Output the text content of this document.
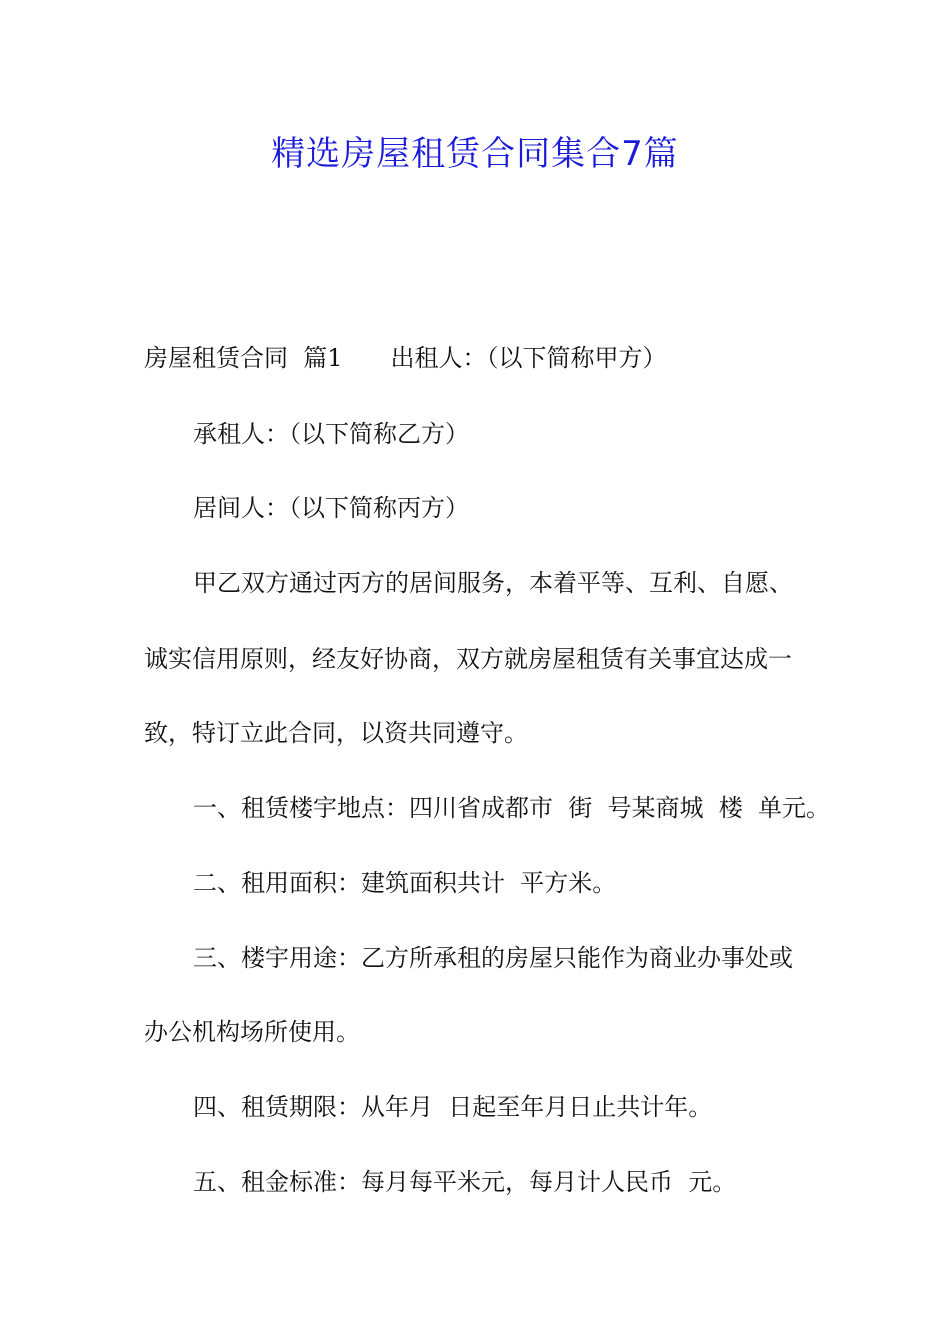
精选房屋租赁合同集合7篇

房屋租赁合同  篇1 出租人：（以下简称甲方）

承租人：（以下简称乙方）

居间人：（以下简称丙方）

甲乙双方通过丙方的居间服务，本着平等、互利、自愿、

诚实信用原则，经友好协商，双方就房屋租赁有关事宜达成一

致，特订立此合同，以资共同遵守。

一、租赁楼宇地点：四川省成都市  街  号某商城  楼  单元。

二、租用面积：建筑面积共计  平方米。

三、楼宇用途：乙方所承租的房屋只能作为商业办事处或

办公机构场所使用。

四、租赁期限：从年月  日起至年月日止共计年。

五、租金标准：每月每平米元，每月计人民币  元。
